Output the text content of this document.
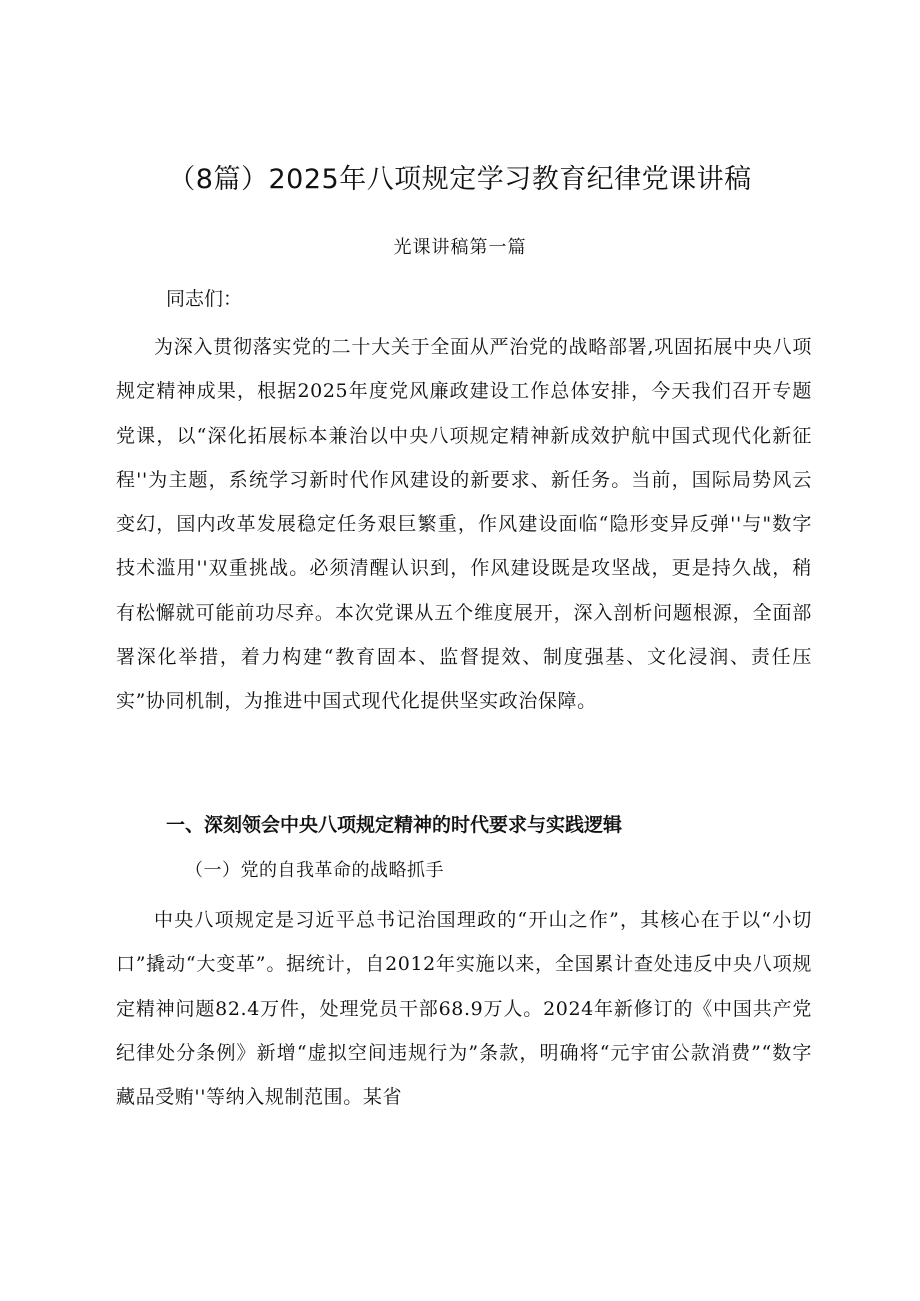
（8篇）2025年八项规定学习教育纪律党课讲稿
光课讲稿第一篇
同志们：

为深入贯彻落实党的二十大关于全面从严治党的战略部署,巩固拓展中央八项规定精神成果，根据2025年度党风廉政建设工作总体安排，今天我们召开专题党课，以“深化拓展标本兼治以中央八项规定精神新成效护航中国式现代化新征程''为主题，系统学习新时代作风建设的新要求、新任务。当前，国际局势风云变幻，国内改革发展稳定任务艰巨繁重，作风建设面临“隐形变异反弹''与"数字技术滥用''双重挑战。必须清醒认识到，作风建设既是攻坚战，更是持久战，稍有松懈就可能前功尽弃。本次党课从五个维度展开，深入剖析问题根源，全面部署深化举措，着力构建“教育固本、监督提效、制度强基、文化浸润、责任压实”协同机制，为推进中国式现代化提供坚实政治保障。

一、深刻领会中央八项规定精神的时代要求与实践逻辑
（一）党的自我革命的战略抓手

中央八项规定是习近平总书记治国理政的“开山之作”，其核心在于以“小切口”撬动“大变革”。据统计，自2012年实施以来，全国累计查处违反中央八项规定精神问题82.4万件，处理党员干部68.9万人。2024年新修订的《中国共产党纪律处分条例》新增“虚拟空间违规行为”条款，明确将“元宇宙公款消费”“数字藏品受贿''等纳入规制范围。某省
